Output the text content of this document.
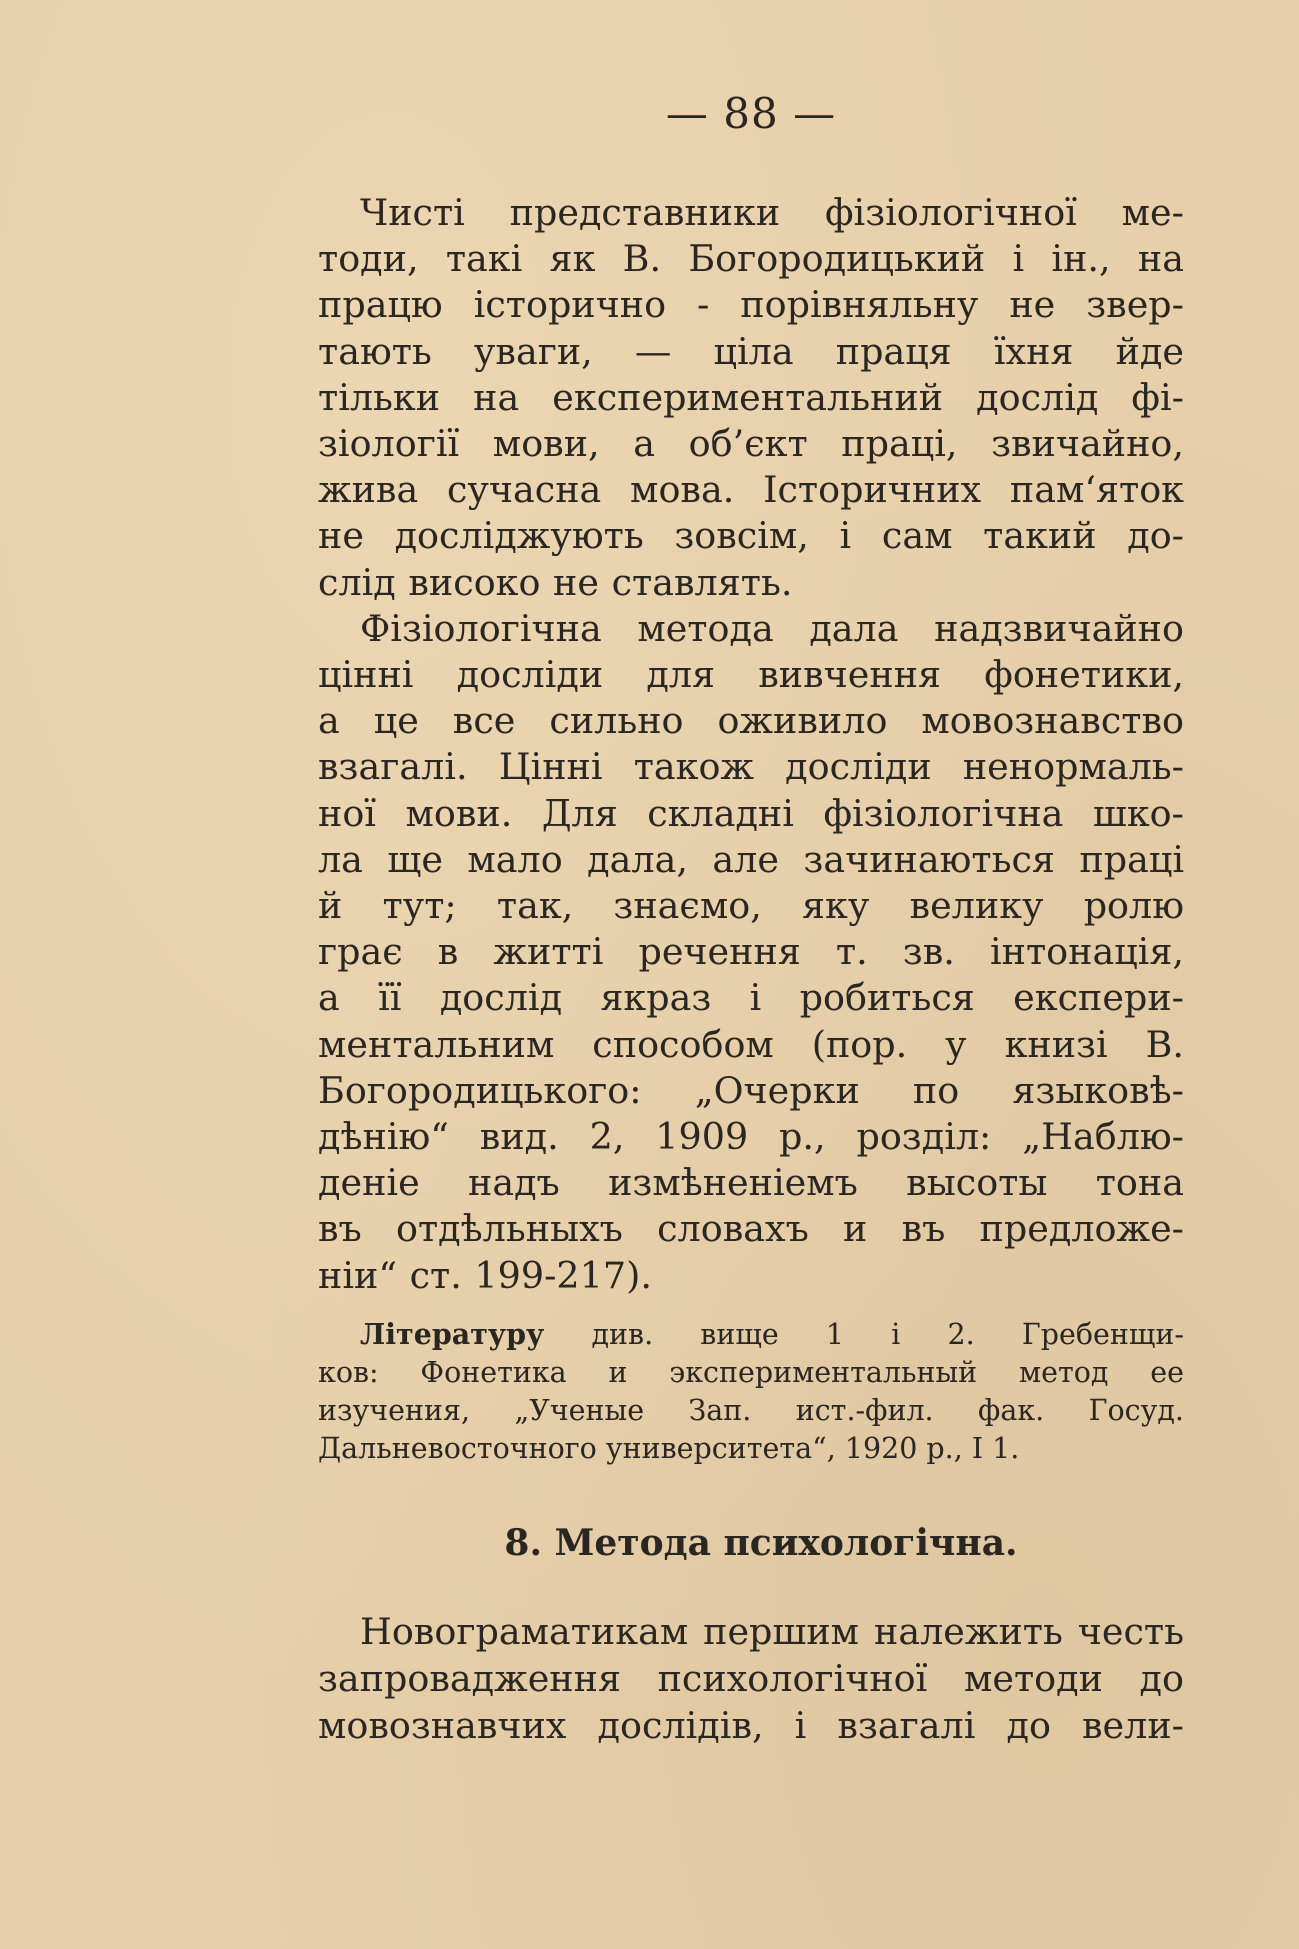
— 88 —

Чисті представники фізіологічної ме-
тоди, такі як В. Богородицький і ін., на
працю історично - порівняльну не звер-
тають уваги, — ціла праця їхня йде
тільки на експериментальний дослід фі-
зіології мови, а об’єкт праці, звичайно,
жива сучасна мова. Історичних пам‘яток
не досліджують зовсім, і сам такий до-
слід високо не ставлять.

Фізіологічна метода дала надзвичайно
цінні досліди для вивчення фонетики,
а це все сильно оживило мовознавство
взагалі. Цінні також досліди ненормаль-
ної мови. Для складні фізіологічна шко-
ла ще мало дала, але зачинаються праці
й тут; так, знаємо, яку велику ролю
грає в житті речення т. зв. інтонація,
а її дослід якраз і робиться експери-
ментальним способом (пор. у книзі В.
Богородицького: „Очерки по языковѣ-
дѣнію“ вид. 2, 1909 р., розділ: „Наблю-
деніе надъ измѣненіемъ высоты тона
въ отдѣльныхъ словахъ и въ предложе-
ніи“ ст. 199-217).

Літературу див. вище 1 і 2. Гребенщи-
ков: Фонетика и экспериментальный метод ее
изучения, „Ученые Зап. ист.-фил. фак. Госуд.
Дальневосточного университета“, 1920 р., І 1.
8. Метода психологічна.

Новограматикам першим належить честь
запровадження психологічної методи до
мовознавчих дослідів, і взагалі до вели-
